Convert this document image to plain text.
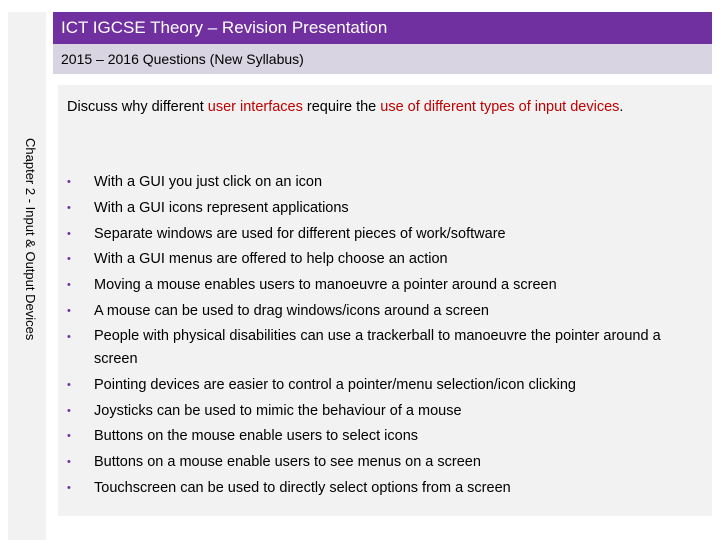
ICT IGCSE Theory – Revision Presentation
2015 – 2016 Questions (New Syllabus)
Chapter 2 - Input & Output Devices
Discuss why different user interfaces require the use of different types of input devices.
• With a GUI you just click on an icon
• With a GUI icons represent applications
• Separate windows are used for different pieces of work/software
• With a GUI menus are offered to help choose an action
• Moving a mouse enables users to manoeuvre a pointer around a screen
• A mouse can be used to drag windows/icons around a screen
• People with physical disabilities can use a trackerball to manoeuvre the pointer around a screen
• Pointing devices are easier to control a pointer/menu selection/icon clicking
• Joysticks can be used to mimic the behaviour of a mouse
• Buttons on the mouse enable users to select icons
• Buttons on a mouse enable users to see menus on a screen
• Touchscreen can be used to directly select options from a screen
